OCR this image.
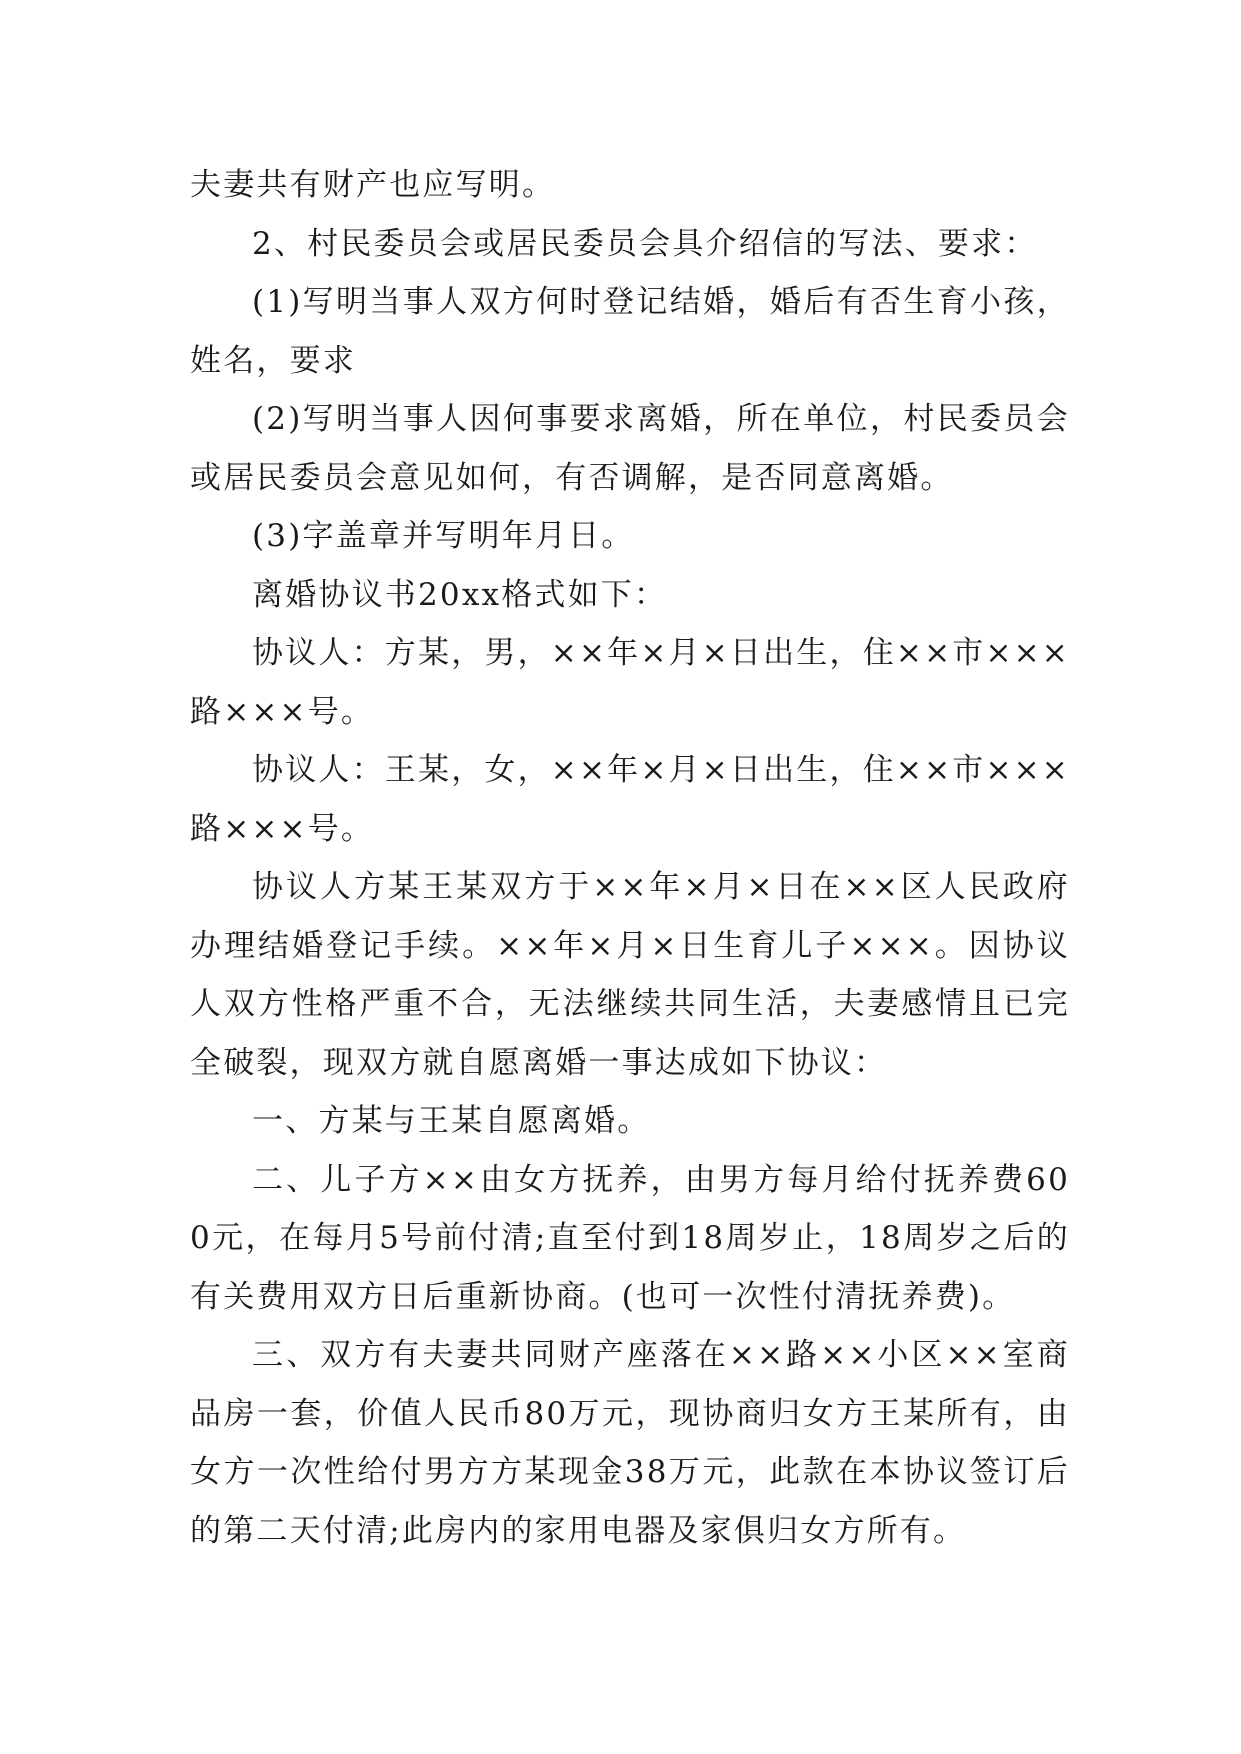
夫妻共有财产也应写明。

2、村民委员会或居民委员会具介绍信的写法、要求：

(1)写明当事人双方何时登记结婚，婚后有否生育小孩，姓名，要求

(2)写明当事人因何事要求离婚，所在单位，村民委员会或居民委员会意见如何，有否调解，是否同意离婚。

(3)字盖章并写明年月日。

离婚协议书20xx格式如下：

协议人：方某，男，××年×月×日出生，住××市×××路×××号。

协议人：王某，女，××年×月×日出生，住××市×××路×××号。

协议人方某王某双方于××年×月×日在××区人民政府办理结婚登记手续。××年×月×日生育儿子×××。因协议人双方性格严重不合，无法继续共同生活，夫妻感情且已完全破裂，现双方就自愿离婚一事达成如下协议：

一、方某与王某自愿离婚。

二、儿子方××由女方抚养，由男方每月给付抚养费600元，在每月5号前付清;直至付到18周岁止，18周岁之后的有关费用双方日后重新协商。(也可一次性付清抚养费)。

三、双方有夫妻共同财产座落在××路××小区××室商品房一套，价值人民币80万元，现协商归女方王某所有，由女方一次性给付男方方某现金38万元，此款在本协议签订后的第二天付清;此房内的家用电器及家俱归女方所有。
